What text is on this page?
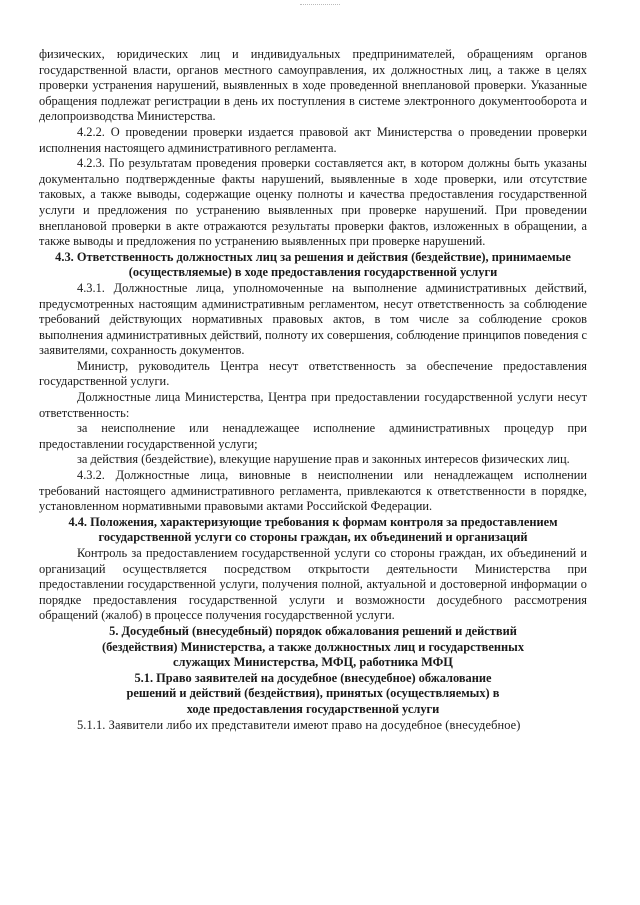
физических, юридических лиц и индивидуальных предпринимателей, обращениям органов государственной власти, органов местного самоуправления, их должностных лиц, а также в целях проверки устранения нарушений, выявленных в ходе проведенной внеплановой проверки. Указанные обращения подлежат регистрации в день их поступления в системе электронного документооборота и делопроизводства Министерства.

4.2.2. О проведении проверки издается правовой акт Министерства о проведении проверки исполнения настоящего административного регламента.

4.2.3. По результатам проведения проверки составляется акт, в котором должны быть указаны документально подтвержденные факты нарушений, выявленные в ходе проверки, или отсутствие таковых, а также выводы, содержащие оценку полноты и качества предоставления государственной услуги и предложения по устранению выявленных при проверке нарушений. При проведении внеплановой проверки в акте отражаются результаты проверки фактов, изложенных в обращении, а также выводы и предложения по устранению выявленных при проверке нарушений.

4.3. Ответственность должностных лиц за решения и действия (бездействие), принимаемые (осуществляемые) в ходе предоставления государственной услуги

4.3.1. Должностные лица, уполномоченные на выполнение административных действий, предусмотренных настоящим административным регламентом, несут ответственность за соблюдение требований действующих нормативных правовых актов, в том числе за соблюдение сроков выполнения административных действий, полноту их совершения, соблюдение принципов поведения с заявителями, сохранность документов.

Министр, руководитель Центра несут ответственность за обеспечение предоставления государственной услуги.

Должностные лица Министерства, Центра при предоставлении государственной услуги несут ответственность:

за неисполнение или ненадлежащее исполнение административных процедур при предоставлении государственной услуги;

за действия (бездействие), влекущие нарушение прав и законных интересов физических лиц.

4.3.2. Должностные лица, виновные в неисполнении или ненадлежащем исполнении требований настоящего административного регламента, привлекаются к ответственности в порядке, установленном нормативными правовыми актами Российской Федерации.

4.4. Положения, характеризующие требования к формам контроля за предоставлением государственной услуги со стороны граждан, их объединений и организаций

Контроль за предоставлением государственной услуги со стороны граждан, их объединений и организаций осуществляется посредством открытости деятельности Министерства при предоставлении государственной услуги, получения полной, актуальной и достоверной информации о порядке предоставления государственной услуги и возможности досудебного рассмотрения обращений (жалоб) в процессе получения государственной услуги.

5. Досудебный (внесудебный) порядок обжалования решений и действий (бездействия) Министерства, а также должностных лиц и государственных служащих Министерства, МФЦ, работника МФЦ

5.1. Право заявителей на досудебное (внесудебное) обжалование решений и действий (бездействия), принятых (осуществляемых) в ходе предоставления государственной услуги

5.1.1. Заявители либо их представители имеют право на досудебное (внесудебное)
